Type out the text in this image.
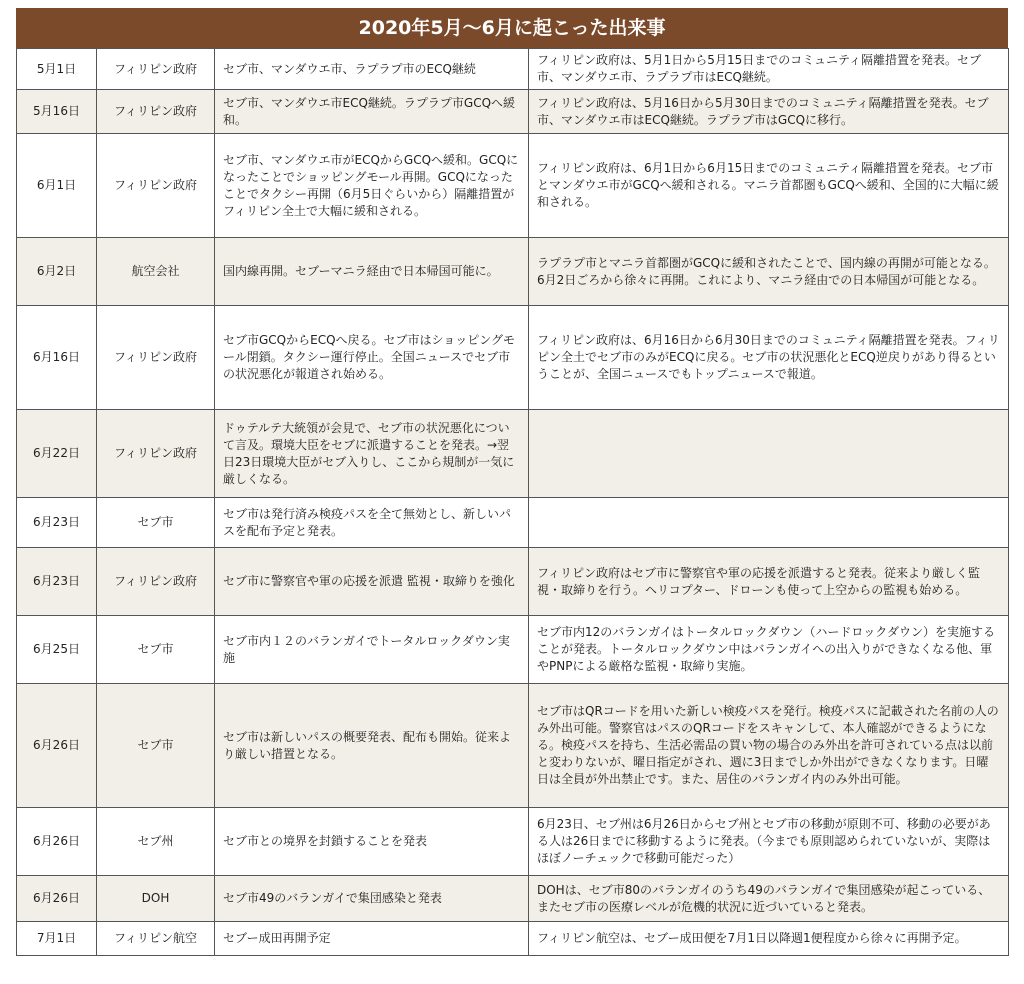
2020年5月〜6月に起こった出来事
5月1日	フィリピン政府	セブ市、マンダウエ市、ラプラプ市のECQ継続	フィリピン政府は、5月1日から5月15日までのコミュニティ隔離措置を発表。セブ市、マンダウエ市、ラプラプ市はECQ継続。
5月16日	フィリピン政府	セブ市、マンダウエ市ECQ継続。ラプラプ市GCQへ緩和。	フィリピン政府は、5月16日から5月30日までのコミュニティ隔離措置を発表。セブ市、マンダウエ市はECQ継続。ラプラプ市はGCQに移行。
6月1日	フィリピン政府	セブ市、マンダウエ市がECQからGCQへ緩和。GCQになったことでショッピングモール再開。GCQになったことでタクシー再開（6月5日ぐらいから）隔離措置がフィリピン全土で大幅に緩和される。	フィリピン政府は、6月1日から6月15日までのコミュニティ隔離措置を発表。セブ市とマンダウエ市がGCQへ緩和される。マニラ首都圏もGCQへ緩和、全国的に大幅に緩和される。
6月2日	航空会社	国内線再開。セブーマニラ経由で日本帰国可能に。	ラプラプ市とマニラ首都圏がGCQに緩和されたことで、国内線の再開が可能となる。6月2日ごろから徐々に再開。これにより、マニラ経由での日本帰国が可能となる。
6月16日	フィリピン政府	セブ市GCQからECQへ戻る。セブ市はショッピングモール閉鎖。タクシー運行停止。全国ニュースでセブ市の状況悪化が報道され始める。	フィリピン政府は、6月16日から6月30日までのコミュニティ隔離措置を発表。フィリピン全土でセブ市のみがECQに戻る。セブ市の状況悪化とECQ逆戻りがあり得るということが、全国ニュースでもトップニュースで報道。
6月22日	フィリピン政府	ドゥテルテ大統領が会見で、セブ市の状況悪化について言及。環境大臣をセブに派遣することを発表。→翌日23日環境大臣がセブ入りし、ここから規制が一気に厳しくなる。	
6月23日	セブ市	セブ市は発行済み検疫パスを全て無効とし、新しいパスを配布予定と発表。	
6月23日	フィリピン政府	セブ市に警察官や軍の応援を派遣 監視・取締りを強化	フィリピン政府はセブ市に警察官や軍の応援を派遣すると発表。従来より厳しく監視・取締りを行う。ヘリコプター、ドローンも使って上空からの監視も始める。
6月25日	セブ市	セブ市内１２のバランガイでトータルロックダウン実施	セブ市内12のバランガイはトータルロックダウン（ハードロックダウン）を実施することが発表。トータルロックダウン中はバランガイへの出入りができなくなる他、軍やPNPによる厳格な監視・取締り実施。
6月26日	セブ市	セブ市は新しいパスの概要発表、配布も開始。従来より厳しい措置となる。	セブ市はQRコードを用いた新しい検疫パスを発行。検疫パスに記載された名前の人のみ外出可能。警察官はパスのQRコードをスキャンして、本人確認ができるようになる。検疫パスを持ち、生活必需品の買い物の場合のみ外出を許可されている点は以前と変わりないが、曜日指定がされ、週に3日までしか外出ができなくなります。日曜日は全員が外出禁止です。また、居住のバランガイ内のみ外出可能。
6月26日	セブ州	セブ市との境界を封鎖することを発表	6月23日、セブ州は6月26日からセブ州とセブ市の移動が原則不可、移動の必要がある人は26日までに移動するように発表。（今までも原則認められていないが、実際はほぼノーチェックで移動可能だった）
6月26日	DOH	セブ市49のバランガイで集団感染と発表	DOHは、セブ市80のバランガイのうち49のバランガイで集団感染が起こっている、またセブ市の医療レベルが危機的状況に近づいていると発表。
7月1日	フィリピン航空	セブー成田再開予定	フィリピン航空は、セブー成田便を7月1日以降週1便程度から徐々に再開予定。
